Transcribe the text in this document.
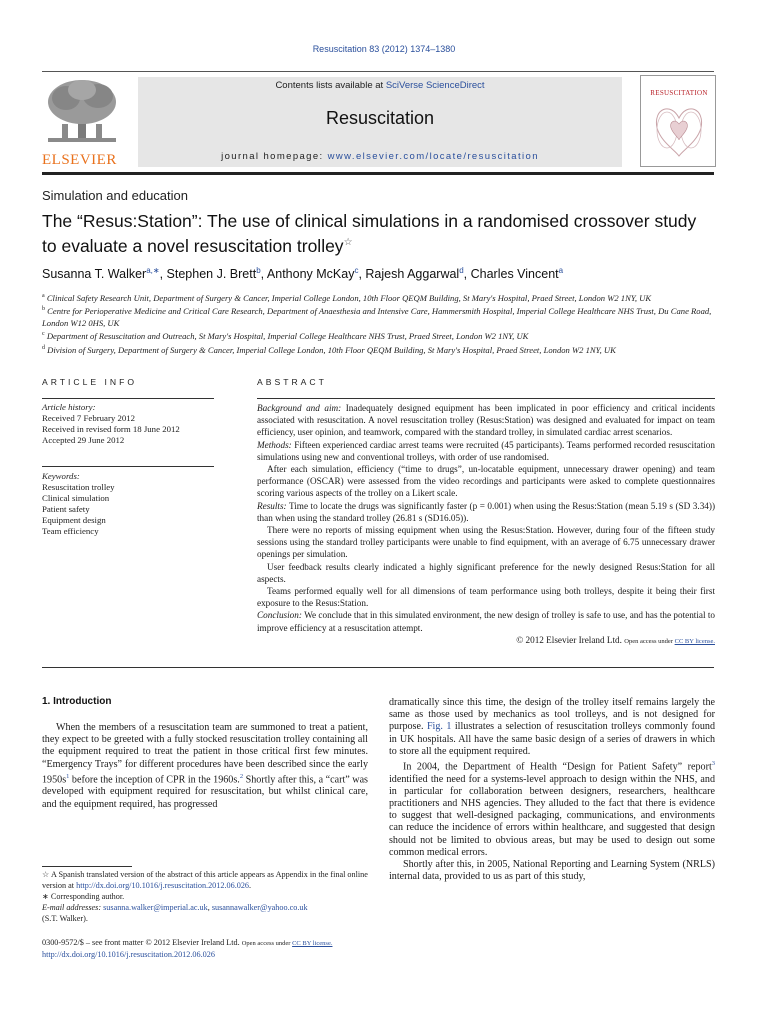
Resuscitation 83 (2012) 1374–1380
ELSEVIER
Contents lists available at SciVerse ScienceDirect
Resuscitation
journal homepage: www.elsevier.com/locate/resuscitation
RESUSCITATION
Simulation and education
The “Resus:Station”: The use of clinical simulations in a randomised crossover study to evaluate a novel resuscitation trolley☆
Susanna T. Walker$^{a,∗}$, Stephen J. Brett$^b$, Anthony McKay$^c$, Rajesh Aggarwal$^d$, Charles Vincent$^a$
$^a$ Clinical Safety Research Unit, Department of Surgery & Cancer, Imperial College London, 10th Floor QEQM Building, St Mary's Hospital, Praed Street, London W2 1NY, UK
$^b$ Centre for Perioperative Medicine and Critical Care Research, Department of Anaesthesia and Intensive Care, Hammersmith Hospital, Imperial College Healthcare NHS Trust, Du Cane Road, London W12 0HS, UK
$^c$ Department of Resuscitation and Outreach, St Mary's Hospital, Imperial College Healthcare NHS Trust, Praed Street, London W2 1NY, UK
$^d$ Division of Surgery, Department of Surgery & Cancer, Imperial College London, 10th Floor QEQM Building, St Mary's Hospital, Praed Street, London W2 1NY, UK
ARTICLE INFO
Article history:
Received 7 February 2012
Received in revised form 18 June 2012
Accepted 29 June 2012
Keywords:
Resuscitation trolley
Clinical simulation
Patient safety
Equipment design
Team efficiency
ABSTRACT

Background and aim: Inadequately designed equipment has been implicated in poor efficiency and critical incidents associated with resuscitation. A novel resuscitation trolley (Resus:Station) was designed and evaluated for impact on team efficiency, user opinion, and teamwork, compared with the standard trolley, in simulated cardiac arrest scenarios.

Methods: Fifteen experienced cardiac arrest teams were recruited (45 participants). Teams performed recorded resuscitation simulations using new and conventional trolleys, with order of use randomised.

After each simulation, efficiency (“time to drugs”, un-locatable equipment, unnecessary drawer opening) and team performance (OSCAR) were assessed from the video recordings and participants were asked to complete questionnaires scoring various aspects of the trolley on a Likert scale.

Results: Time to locate the drugs was significantly faster (p = 0.001) when using the Resus:Station (mean 5.19 s (SD 3.34)) than when using the standard trolley (26.81 s (SD16.05)).

There were no reports of missing equipment when using the Resus:Station. However, during four of the fifteen study sessions using the standard trolley participants were unable to find equipment, with an average of 6.75 unnecessary drawer openings per simulation.

User feedback results clearly indicated a highly significant preference for the newly designed Resus:Station for all aspects.

Teams performed equally well for all dimensions of team performance using both trolleys, despite it being their first exposure to the Resus:Station.

Conclusion: We conclude that in this simulated environment, the new design of trolley is safe to use, and has the potential to improve efficiency at a resuscitation attempt.

© 2012 Elsevier Ireland Ltd. Open access under CC BY license.

1. Introduction
When the members of a resuscitation team are summoned to treat a patient, they expect to be greeted with a fully stocked resuscitation trolley containing all the equipment required to treat the patient in those critical first few minutes. “Emergency Trays” for different procedures have been described since the early $1950s^1$ before the inception of CPR in the 1960s.$^2$ Shortly after this, a “cart” was developed with equipment required for resuscitation, but whilst clinical care, and the equipment required, has progressed
☆ A Spanish translated version of the abstract of this article appears as Appendix in the final online version at http://dx.doi.org/10.1016/j.resuscitation.2012.06.026.
∗ Corresponding author.
E-mail addresses: susanna.walker@imperial.ac.uk, susannawalker@yahoo.co.uk
(S.T. Walker).
0300-9572/$ – see front matter © 2012 Elsevier Ireland Ltd. Open access under CC BY license.
http://dx.doi.org/10.1016/j.resuscitation.2012.06.026
dramatically since this time, the design of the trolley itself remains largely the same as those used by mechanics as tool trolleys, and is not designed for purpose. Fig. 1 illustrates a selection of resuscitation trolleys commonly found in UK hospitals. All have the same basic design of a series of drawers in which to store all the equipment required.
In 2004, the Department of Health “Design for Patient Safety” report$^3$ identified the need for a systems-level approach to design within the NHS, and in particular for collaboration between designers, researchers, healthcare practitioners and NHS agencies. They alluded to the fact that there is evidence to suggest that well-designed packaging, communications, and environments can reduce the incidence of errors within healthcare, and suggested that design should not be limited to obvious areas, but may be used to design out some common medical errors.
Shortly after this, in 2005, National Reporting and Learning System (NRLS) internal data, provided to us as part of this study,
